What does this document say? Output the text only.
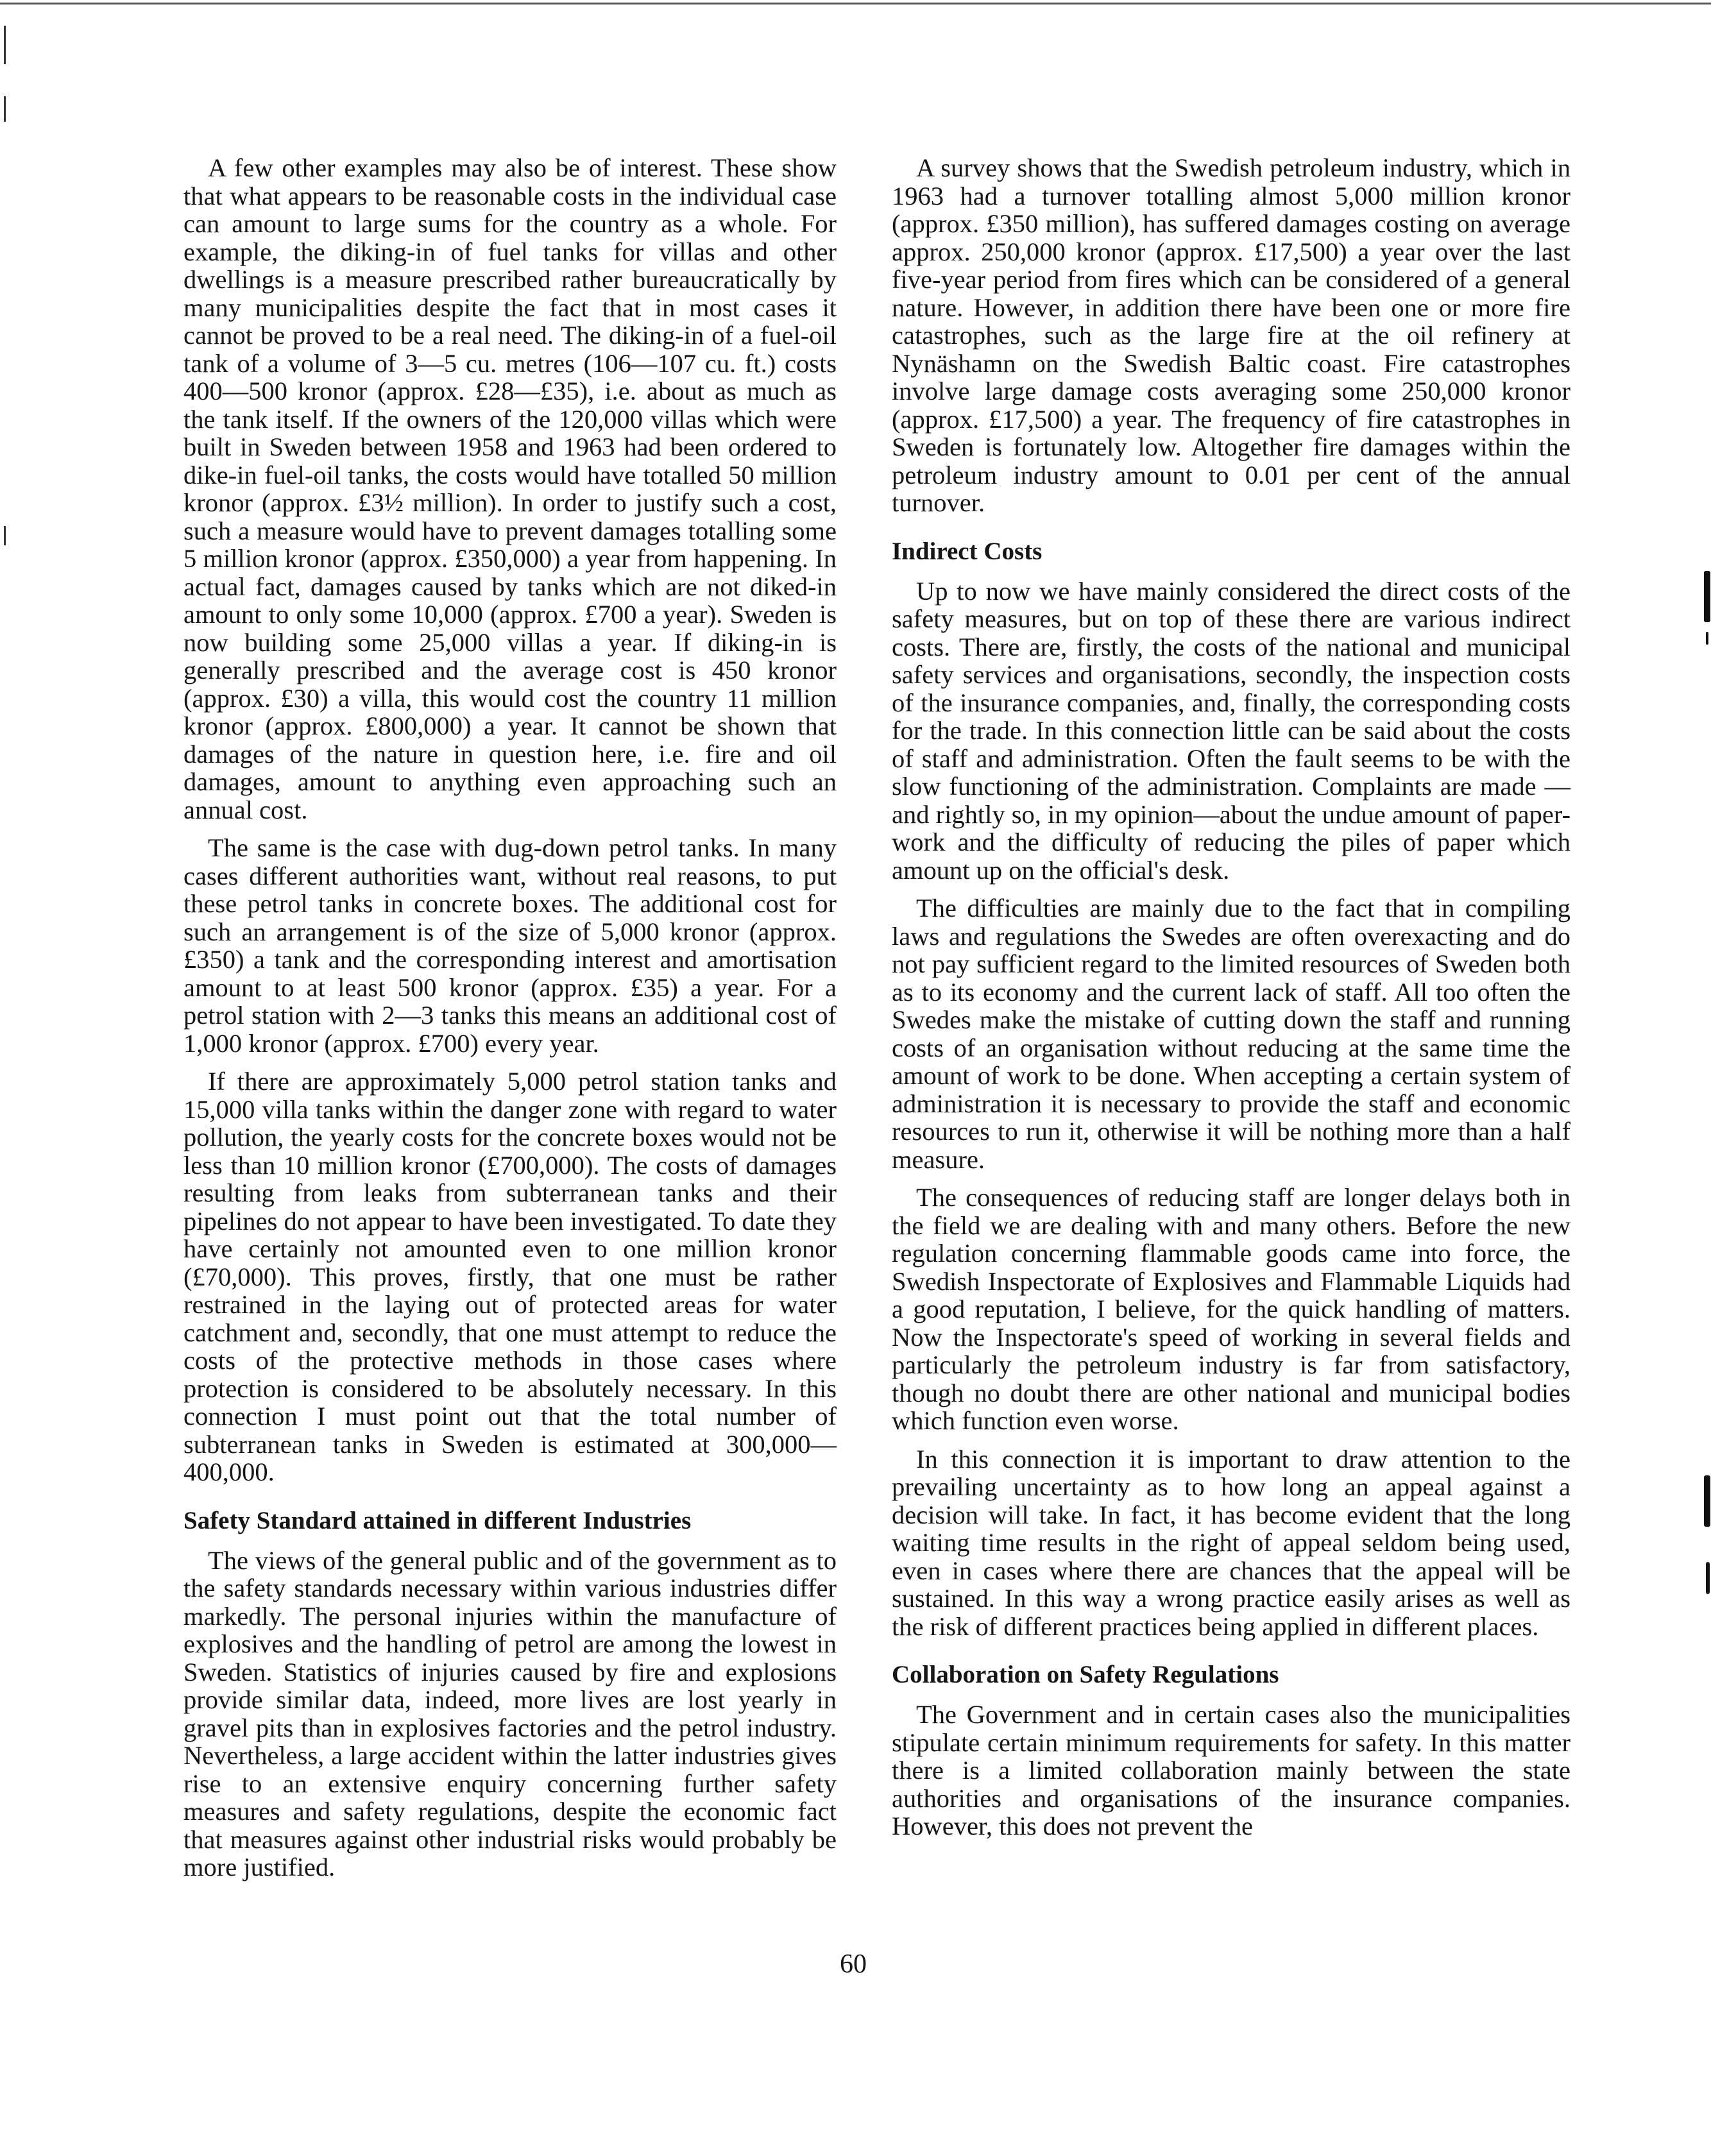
A few other examples may also be of interest. These show that what appears to be reasonable costs in the individual case can amount to large sums for the country as a whole. For example, the diking-in of fuel tanks for villas and other dwellings is a measure prescribed rather bureaucratically by many municipalities despite the fact that in most cases it cannot be proved to be a real need. The diking-in of a fuel-oil tank of a volume of 3—5 cu. metres (106—107 cu. ft.) costs 400—500 kronor (approx. £28—£35), i.e. about as much as the tank itself. If the owners of the 120,000 villas which were built in Sweden between 1958 and 1963 had been ordered to dike-in fuel-oil tanks, the costs would have totalled 50 million kronor (approx. £3½ million). In order to justify such a cost, such a measure would have to prevent damages totalling some 5 million kronor (approx. £350,000) a year from happening. In actual fact, damages caused by tanks which are not diked-in amount to only some 10,000 (approx. £700 a year). Sweden is now building some 25,000 villas a year. If diking-in is generally prescribed and the average cost is 450 kronor (approx. £30) a villa, this would cost the country 11 million kronor (approx. £800,000) a year. It cannot be shown that damages of the nature in question here, i.e. fire and oil damages, amount to anything even approaching such an annual cost.

The same is the case with dug-down petrol tanks. In many cases different authorities want, without real reasons, to put these petrol tanks in concrete boxes. The additional cost for such an arrangement is of the size of 5,000 kronor (approx. £350) a tank and the corresponding interest and amortisation amount to at least 500 kronor (approx. £35) a year. For a petrol station with 2—3 tanks this means an additional cost of 1,000 kronor (approx. £700) every year.

If there are approximately 5,000 petrol station tanks and 15,000 villa tanks within the danger zone with regard to water pollution, the yearly costs for the concrete boxes would not be less than 10 million kronor (£700,000). The costs of damages resulting from leaks from subterranean tanks and their pipelines do not appear to have been investigated. To date they have certainly not amounted even to one million kronor (£70,000). This proves, firstly, that one must be rather restrained in the laying out of protected areas for water catchment and, secondly, that one must attempt to reduce the costs of the protective methods in those cases where protection is considered to be absolutely necessary. In this connection I must point out that the total number of subterranean tanks in Sweden is estimated at 300,000—400,000.

Safety Standard attained in different Industries

The views of the general public and of the government as to the safety standards necessary within various industries differ markedly. The personal injuries within the manufacture of explosives and the handling of petrol are among the lowest in Sweden. Statistics of injuries caused by fire and explosions provide similar data, indeed, more lives are lost yearly in gravel pits than in explosives factories and the petrol industry. Nevertheless, a large accident within the latter industries gives rise to an extensive enquiry concerning further safety measures and safety regulations, despite the economic fact that measures against other industrial risks would probably be more justified.

A survey shows that the Swedish petroleum industry, which in 1963 had a turnover totalling almost 5,000 million kronor (approx. £350 million), has suffered damages costing on average approx. 250,000 kronor (approx. £17,500) a year over the last five-year period from fires which can be considered of a general nature. However, in addition there have been one or more fire catastrophes, such as the large fire at the oil refinery at Nynäshamn on the Swedish Baltic coast. Fire catastrophes involve large damage costs averaging some 250,000 kronor (approx. £17,500) a year. The frequency of fire catastrophes in Sweden is fortunately low. Altogether fire damages within the petroleum industry amount to 0.01 per cent of the annual turnover.

Indirect Costs

Up to now we have mainly considered the direct costs of the safety measures, but on top of these there are various indirect costs. There are, firstly, the costs of the national and municipal safety services and organisations, secondly, the inspection costs of the insurance companies, and, finally, the corresponding costs for the trade. In this connection little can be said about the costs of staff and administration. Often the fault seems to be with the slow functioning of the administration. Complaints are made —and rightly so, in my opinion—about the undue amount of paper-work and the difficulty of reducing the piles of paper which amount up on the official's desk.

The difficulties are mainly due to the fact that in compiling laws and regulations the Swedes are often overexacting and do not pay sufficient regard to the limited resources of Sweden both as to its economy and the current lack of staff. All too often the Swedes make the mistake of cutting down the staff and running costs of an organisation without reducing at the same time the amount of work to be done. When accepting a certain system of administration it is necessary to provide the staff and economic resources to run it, otherwise it will be nothing more than a half measure.

The consequences of reducing staff are longer delays both in the field we are dealing with and many others. Before the new regulation concerning flammable goods came into force, the Swedish Inspectorate of Explosives and Flammable Liquids had a good reputation, I believe, for the quick handling of matters. Now the Inspectorate's speed of working in several fields and particularly the petroleum industry is far from satisfactory, though no doubt there are other national and municipal bodies which function even worse.

In this connection it is important to draw attention to the prevailing uncertainty as to how long an appeal against a decision will take. In fact, it has become evident that the long waiting time results in the right of appeal seldom being used, even in cases where there are chances that the appeal will be sustained. In this way a wrong practice easily arises as well as the risk of different practices being applied in different places.

Collaboration on Safety Regulations

The Government and in certain cases also the municipalities stipulate certain minimum requirements for safety. In this matter there is a limited collaboration mainly between the state authorities and organisations of the insurance companies. However, this does not prevent the

60
